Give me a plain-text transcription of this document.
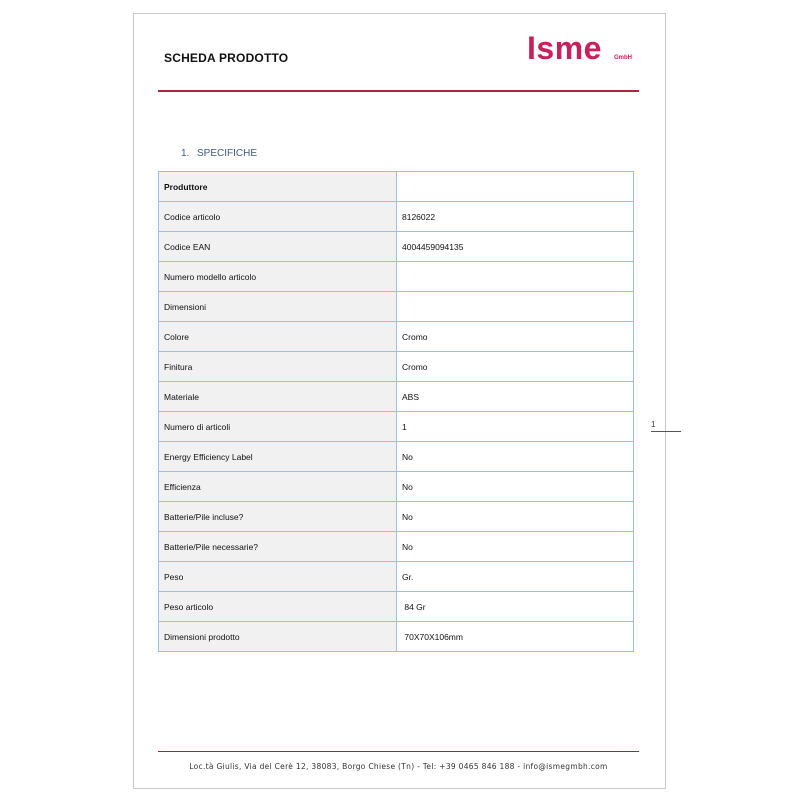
SCHEDA PRODOTTO	Isme GmbH
1. SPECIFICHE
Produttore	
Codice articolo	8126022
Codice EAN	4004459094135
Numero modello articolo	
Dimensioni	
Colore	Cromo
Finitura	Cromo
Materiale	ABS
Numero di articoli	1
Energy Efficiency Label	No
Efficienza	No
Batterie/Pile incluse?	No
Batterie/Pile necessarie?	No
Peso	Gr.
Peso articolo	84 Gr
Dimensioni prodotto	70X70X106mm
1
Loc.tà Giulis, Via del Cerè 12, 38083, Borgo Chiese (Tn) - Tel: +39 0465 846 188 - info@ismegmbh.com
